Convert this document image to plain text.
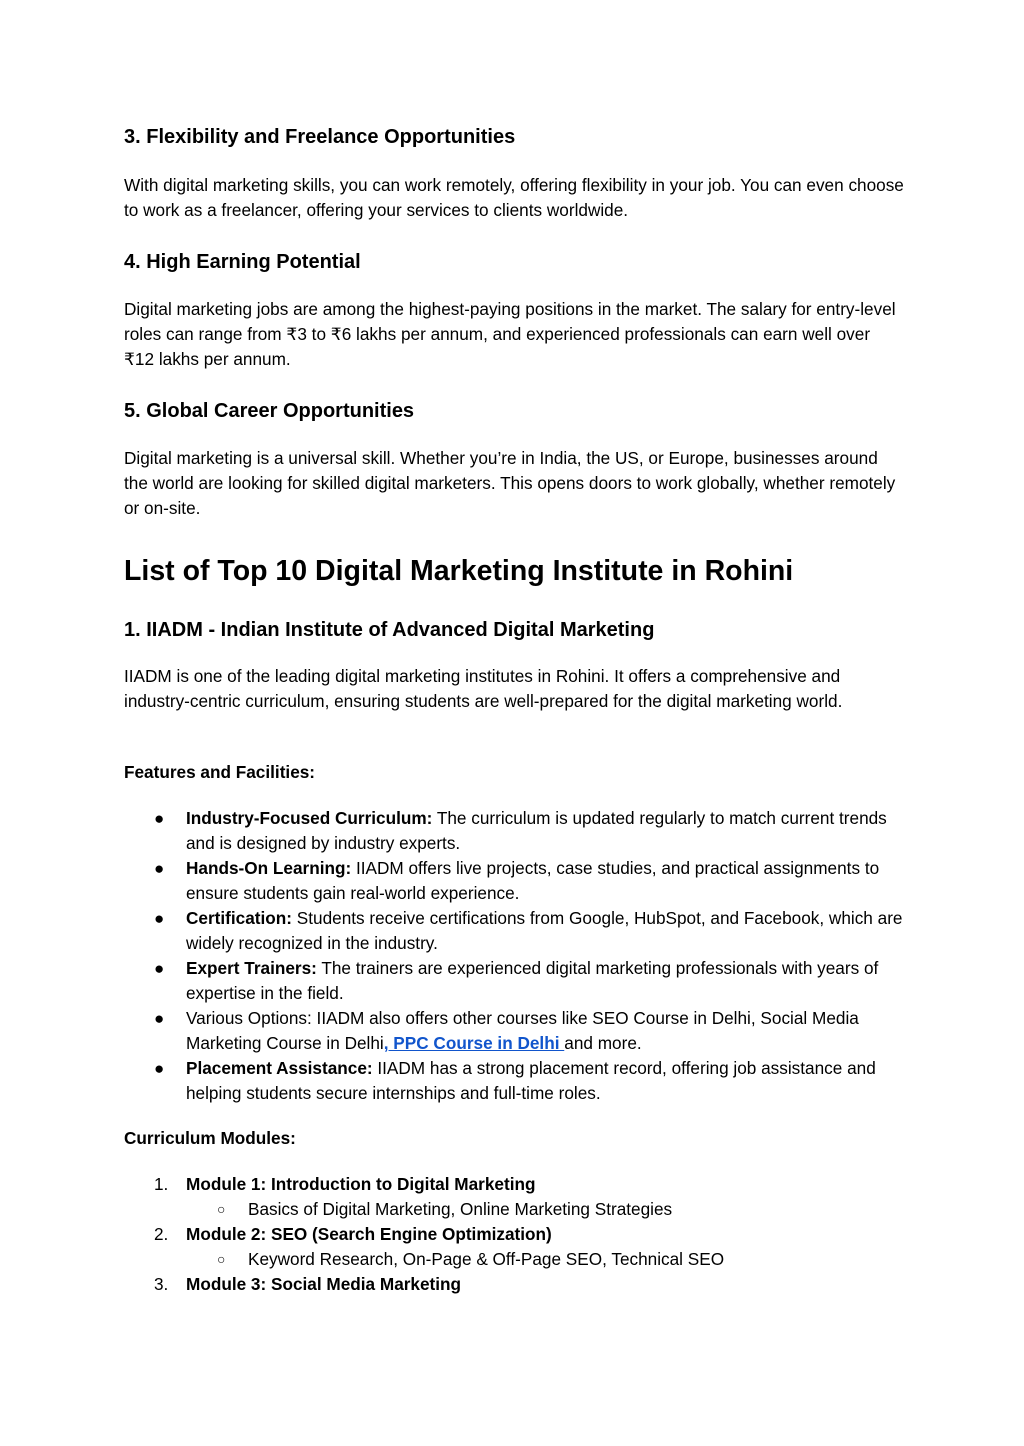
3. Flexibility and Freelance Opportunities

With digital marketing skills, you can work remotely, offering flexibility in your job. You can even choose to work as a freelancer, offering your services to clients worldwide.

4. High Earning Potential

Digital marketing jobs are among the highest-paying positions in the market. The salary for entry-level roles can range from ₹3 to ₹6 lakhs per annum, and experienced professionals can earn well over ₹12 lakhs per annum.

5. Global Career Opportunities

Digital marketing is a universal skill. Whether you’re in India, the US, or Europe, businesses around the world are looking for skilled digital marketers. This opens doors to work globally, whether remotely or on-site.

List of Top 10 Digital Marketing Institute in Rohini
1. IIADM - Indian Institute of Advanced Digital Marketing

IIADM is one of the leading digital marketing institutes in Rohini. It offers a comprehensive and industry-centric curriculum, ensuring students are well-prepared for the digital marketing world.

Features and Facilities:
● Industry-Focused Curriculum: The curriculum is updated regularly to match current trends and is designed by industry experts.
● Hands-On Learning: IIADM offers live projects, case studies, and practical assignments to ensure students gain real-world experience.
● Certification: Students receive certifications from Google, HubSpot, and Facebook, which are widely recognized in the industry.
● Expert Trainers: The trainers are experienced digital marketing professionals with years of expertise in the field.
● Various Options: IIADM also offers other courses like SEO Course in Delhi, Social Media Marketing Course in Delhi, PPC Course in Delhi and more.
● Placement Assistance: IIADM has a strong placement record, offering job assistance and helping students secure internships and full-time roles.
Curriculum Modules:
1. Module 1: Introduction to Digital Marketing
○ Basics of Digital Marketing, Online Marketing Strategies
2. Module 2: SEO (Search Engine Optimization)
○ Keyword Research, On-Page & Off-Page SEO, Technical SEO
3. Module 3: Social Media Marketing
